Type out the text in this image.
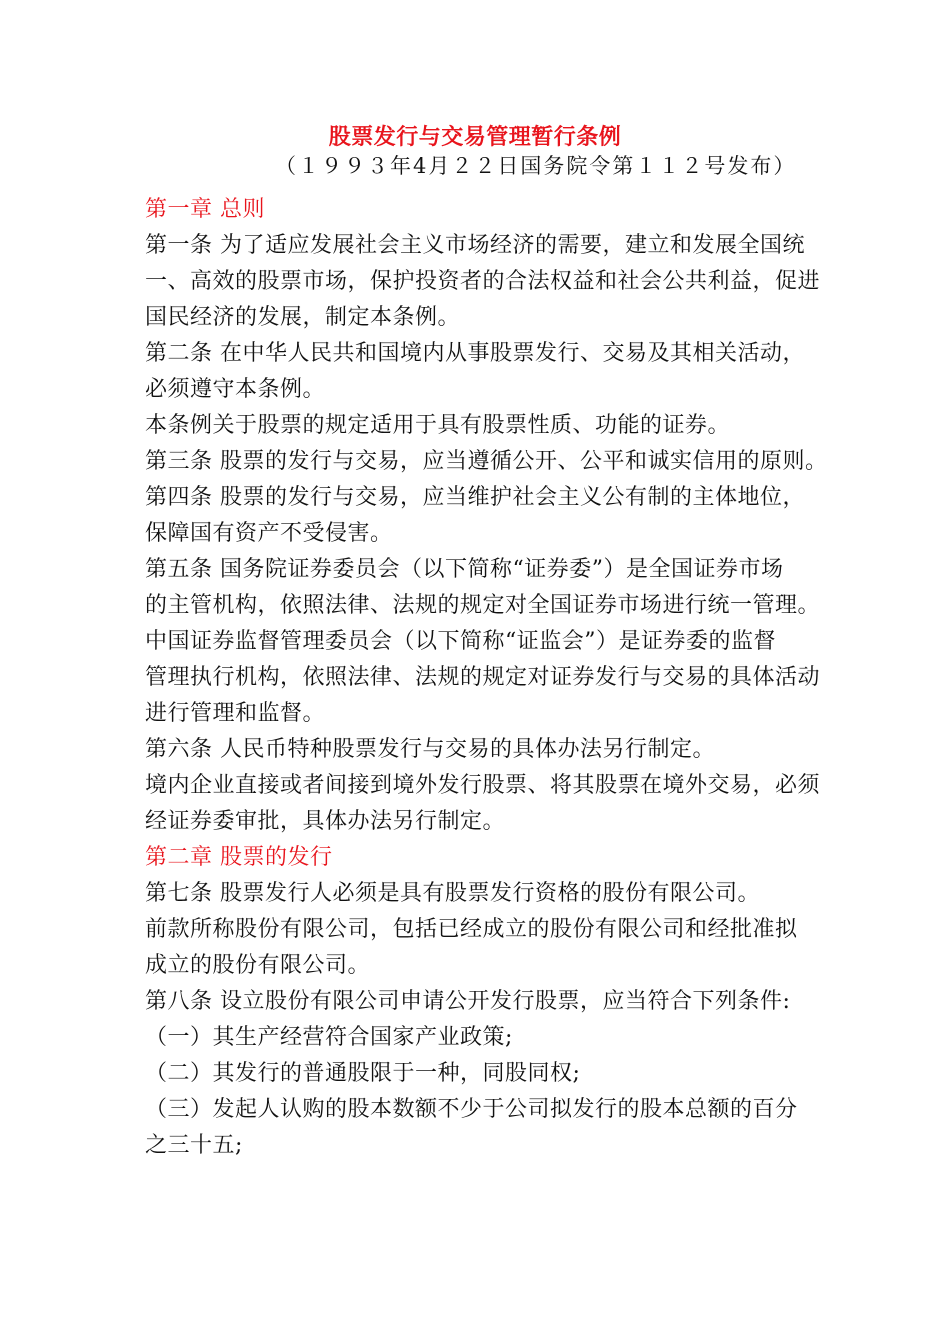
股票发行与交易管理暂行条例
（１９９３年4月２２日国务院令第１１２号发布）
第一章 总则
第一条 为了适应发展社会主义市场经济的需要，建立和发展全国统
一、高效的股票市场，保护投资者的合法权益和社会公共利益，促进
国民经济的发展，制定本条例。
第二条 在中华人民共和国境内从事股票发行、交易及其相关活动，
必须遵守本条例。
本条例关于股票的规定适用于具有股票性质、功能的证券。
第三条 股票的发行与交易，应当遵循公开、公平和诚实信用的原则。
第四条 股票的发行与交易，应当维护社会主义公有制的主体地位，
保障国有资产不受侵害。
第五条 国务院证券委员会（以下简称“证券委”）是全国证券市场
的主管机构，依照法律、法规的规定对全国证券市场进行统一管理。
中国证券监督管理委员会（以下简称“证监会”）是证券委的监督
管理执行机构，依照法律、法规的规定对证券发行与交易的具体活动
进行管理和监督。
第六条 人民币特种股票发行与交易的具体办法另行制定。
境内企业直接或者间接到境外发行股票、将其股票在境外交易，必须
经证券委审批，具体办法另行制定。
第二章 股票的发行
第七条 股票发行人必须是具有股票发行资格的股份有限公司。
前款所称股份有限公司，包括已经成立的股份有限公司和经批准拟
成立的股份有限公司。
第八条 设立股份有限公司申请公开发行股票，应当符合下列条件:
（一）其生产经营符合国家产业政策;
（二）其发行的普通股限于一种，同股同权;
（三）发起人认购的股本数额不少于公司拟发行的股本总额的百分
之三十五;
